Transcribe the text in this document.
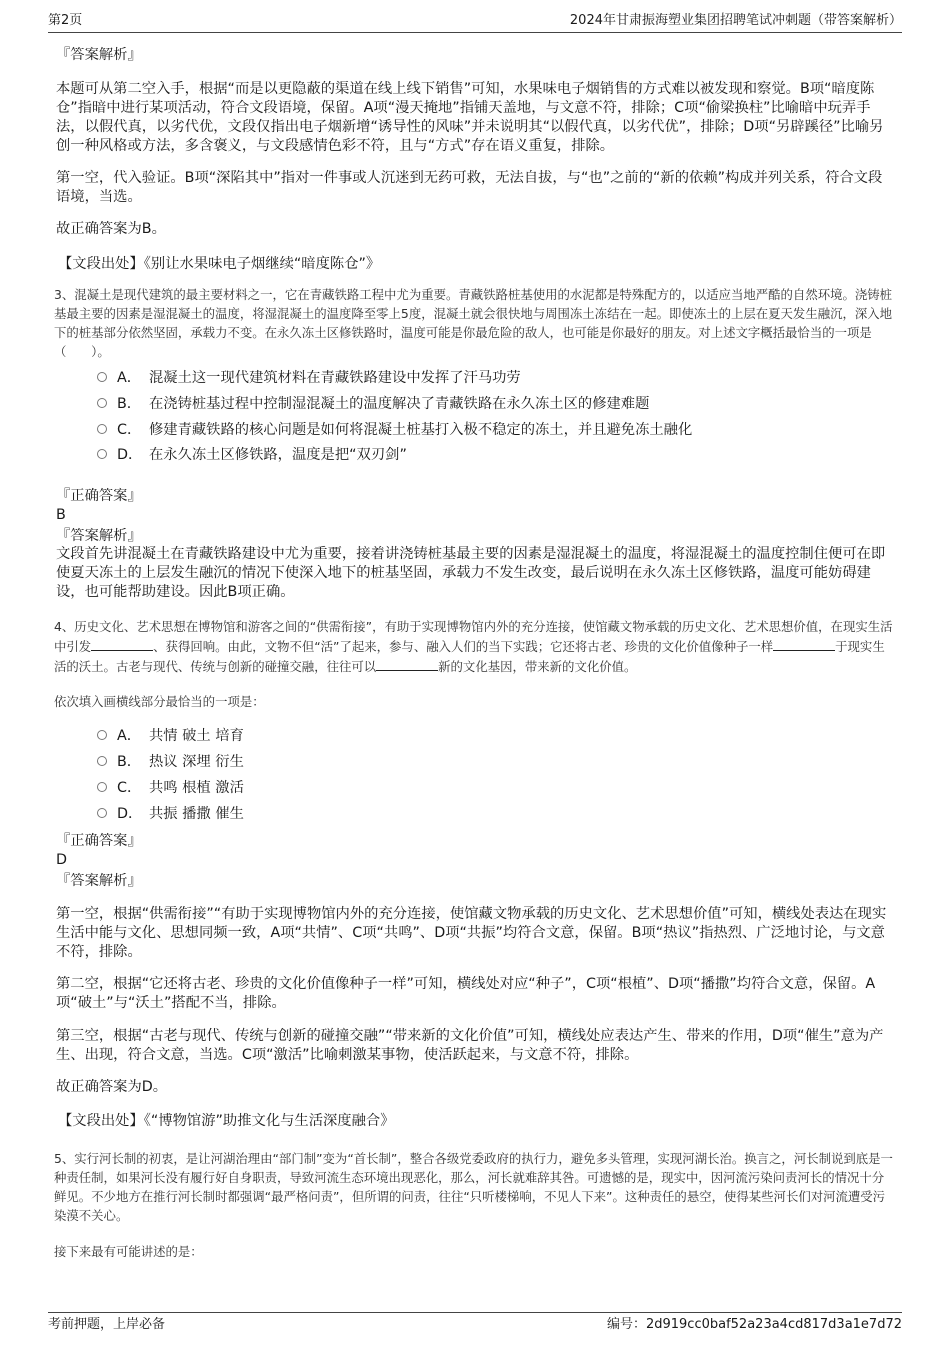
第2页	2024年甘肃振海塑业集团招聘笔试冲刺题（带答案解析）
『答案解析』
本题可从第二空入手，根据“而是以更隐蔽的渠道在线上线下销售”可知，水果味电子烟销售的方式难以被发现和察觉。B项“暗度陈仓”指暗中进行某项活动，符合文段语境，保留。A项“漫天掩地”指铺天盖地，与文意不符，排除；C项“偷梁换柱”比喻暗中玩弄手法，以假代真，以劣代优，文段仅指出电子烟新增“诱导性的风味”并未说明其“以假代真，以劣代优”，排除；D项“另辟蹊径”比喻另创一种风格或方法，多含褒义，与文段感情色彩不符，且与“方式”存在语义重复，排除。
第一空，代入验证。B项“深陷其中”指对一件事或人沉迷到无药可救，无法自拔，与“也”之前的“新的依赖”构成并列关系，符合文段语境，当选。
故正确答案为B。
【文段出处】《别让水果味电子烟继续“暗度陈仓”》
3、混凝土是现代建筑的最主要材料之一，它在青藏铁路工程中尤为重要。青藏铁路桩基使用的水泥都是特殊配方的，以适应当地严酷的自然环境。浇铸桩基最主要的因素是湿混凝土的温度，将湿混凝土的温度降至零上5度，混凝土就会很快地与周围冻土冻结在一起。即使冻土的上层在夏天发生融沉，深入地下的桩基部分依然坚固，承载力不变。在永久冻土区修铁路时，温度可能是你最危险的敌人，也可能是你最好的朋友。对上述文字概括最恰当的一项是（　　）。
A． 混凝土这一现代建筑材料在青藏铁路建设中发挥了汗马功劳
B． 在浇铸桩基过程中控制湿混凝土的温度解决了青藏铁路在永久冻土区的修建难题
C． 修建青藏铁路的核心问题是如何将混凝土桩基打入极不稳定的冻土，并且避免冻土融化
D． 在永久冻土区修铁路，温度是把“双刃剑”
『正确答案』
B
『答案解析』
文段首先讲混凝土在青藏铁路建设中尤为重要，接着讲浇铸桩基最主要的因素是湿混凝土的温度，将湿混凝土的温度控制住便可在即使夏天冻土的上层发生融沉的情况下使深入地下的桩基坚固，承载力不发生改变，最后说明在永久冻土区修铁路，温度可能妨碍建设，也可能帮助建设。因此B项正确。
4、历史文化、艺术思想在博物馆和游客之间的“供需衔接”，有助于实现博物馆内外的充分连接，使馆藏文物承载的历史文化、艺术思想价值，在现实生活中引发	、获得回响。由此，文物不但“活”了起来，参与、融入人们的当下实践；它还将古老、珍贵的文化价值像种子一样	于现实生活的沃土。古老与现代、传统与创新的碰撞交融，往往可以	新的文化基因，带来新的文化价值。
依次填入画横线部分最恰当的一项是：
A． 共情 破土 培育
B． 热议 深埋 衍生
C． 共鸣 根植 激活
D． 共振 播撒 催生
『正确答案』
D
『答案解析』
第一空，根据“供需衔接”“有助于实现博物馆内外的充分连接，使馆藏文物承载的历史文化、艺术思想价值”可知，横线处表达在现实生活中能与文化、思想同频一致，A项“共情”、C项“共鸣”、D项“共振”均符合文意，保留。B项“热议”指热烈、广泛地讨论，与文意不符，排除。
第二空，根据“它还将古老、珍贵的文化价值像种子一样”可知，横线处对应“种子”，C项“根植”、D项“播撒”均符合文意，保留。A项“破土”与“沃土”搭配不当，排除。
第三空，根据“古老与现代、传统与创新的碰撞交融”“带来新的文化价值”可知，横线处应表达产生、带来的作用，D项“催生”意为产生、出现，符合文意，当选。C项“激活”比喻刺激某事物，使活跃起来，与文意不符，排除。
故正确答案为D。
【文段出处】《“博物馆游”助推文化与生活深度融合》
5、实行河长制的初衷，是让河湖治理由“部门制”变为“首长制”，整合各级党委政府的执行力，避免多头管理，实现河湖长治。换言之，河长制说到底是一种责任制，如果河长没有履行好自身职责，导致河流生态环境出现恶化，那么，河长就难辞其咎。可遗憾的是，现实中，因河流污染问责河长的情况十分鲜见。不少地方在推行河长制时都强调“最严格问责”，但所谓的问责，往往“只听楼梯响，不见人下来”。这种责任的悬空，使得某些河长们对河流遭受污染漠不关心。
接下来最有可能讲述的是：
考前押题，上岸必备	编号：2d919cc0baf52a23a4cd817d3a1e7d72
